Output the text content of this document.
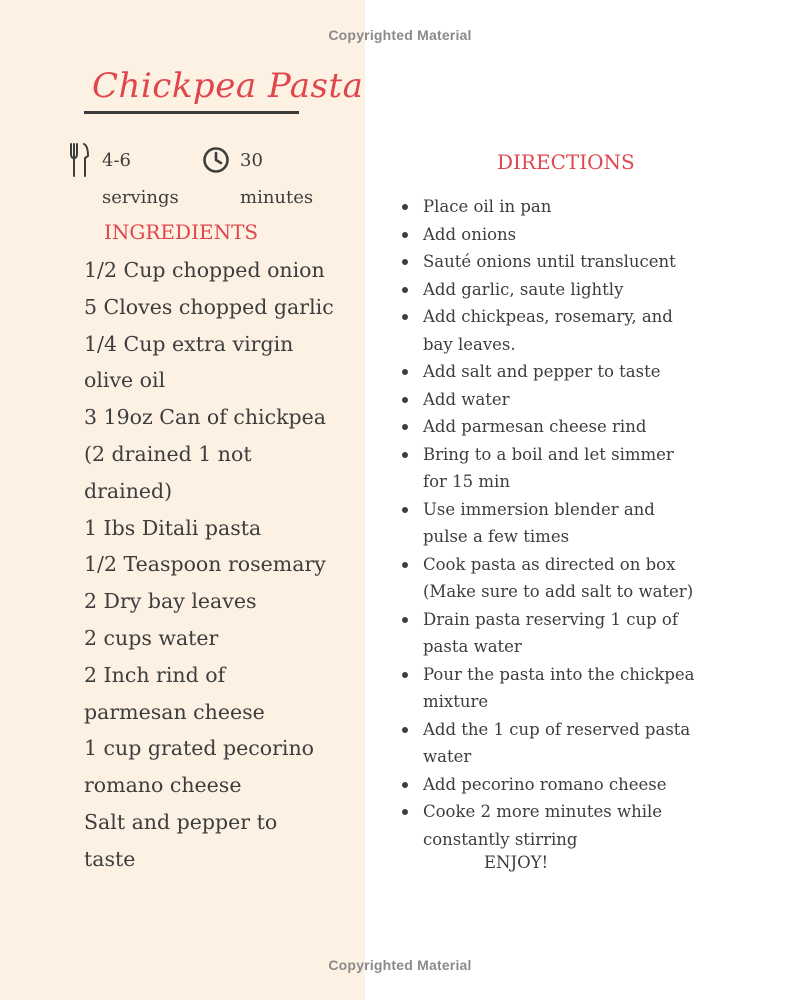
Copyrighted Material
Chickpea Pasta
4-6
servings
30
minutes
INGREDIENTS
1/2 Cup chopped onion
5 Cloves chopped garlic
1/4 Cup extra virgin olive oil
3 19oz Can of chickpea (2 drained 1 not drained)
1 Ibs Ditali pasta
1/2 Teaspoon rosemary
2 Dry bay leaves
2 cups water
2 Inch rind of parmesan cheese
1 cup grated pecorino romano cheese
Salt and pepper to taste
DIRECTIONS
Place oil in pan
Add onions
Sauté onions until translucent
Add garlic, saute lightly
Add chickpeas, rosemary, and bay leaves.
Add salt and pepper to taste
Add water
Add parmesan cheese rind
Bring to a boil and let simmer for 15 min
Use immersion blender and pulse a few times
Cook pasta as directed on box (Make sure to add salt to water)
Drain pasta reserving 1 cup of pasta water
Pour the pasta into the chickpea mixture
Add the 1 cup of reserved pasta water
Add pecorino romano cheese
Cooke 2 more minutes while constantly stirring
ENJOY!
Copyrighted Material
